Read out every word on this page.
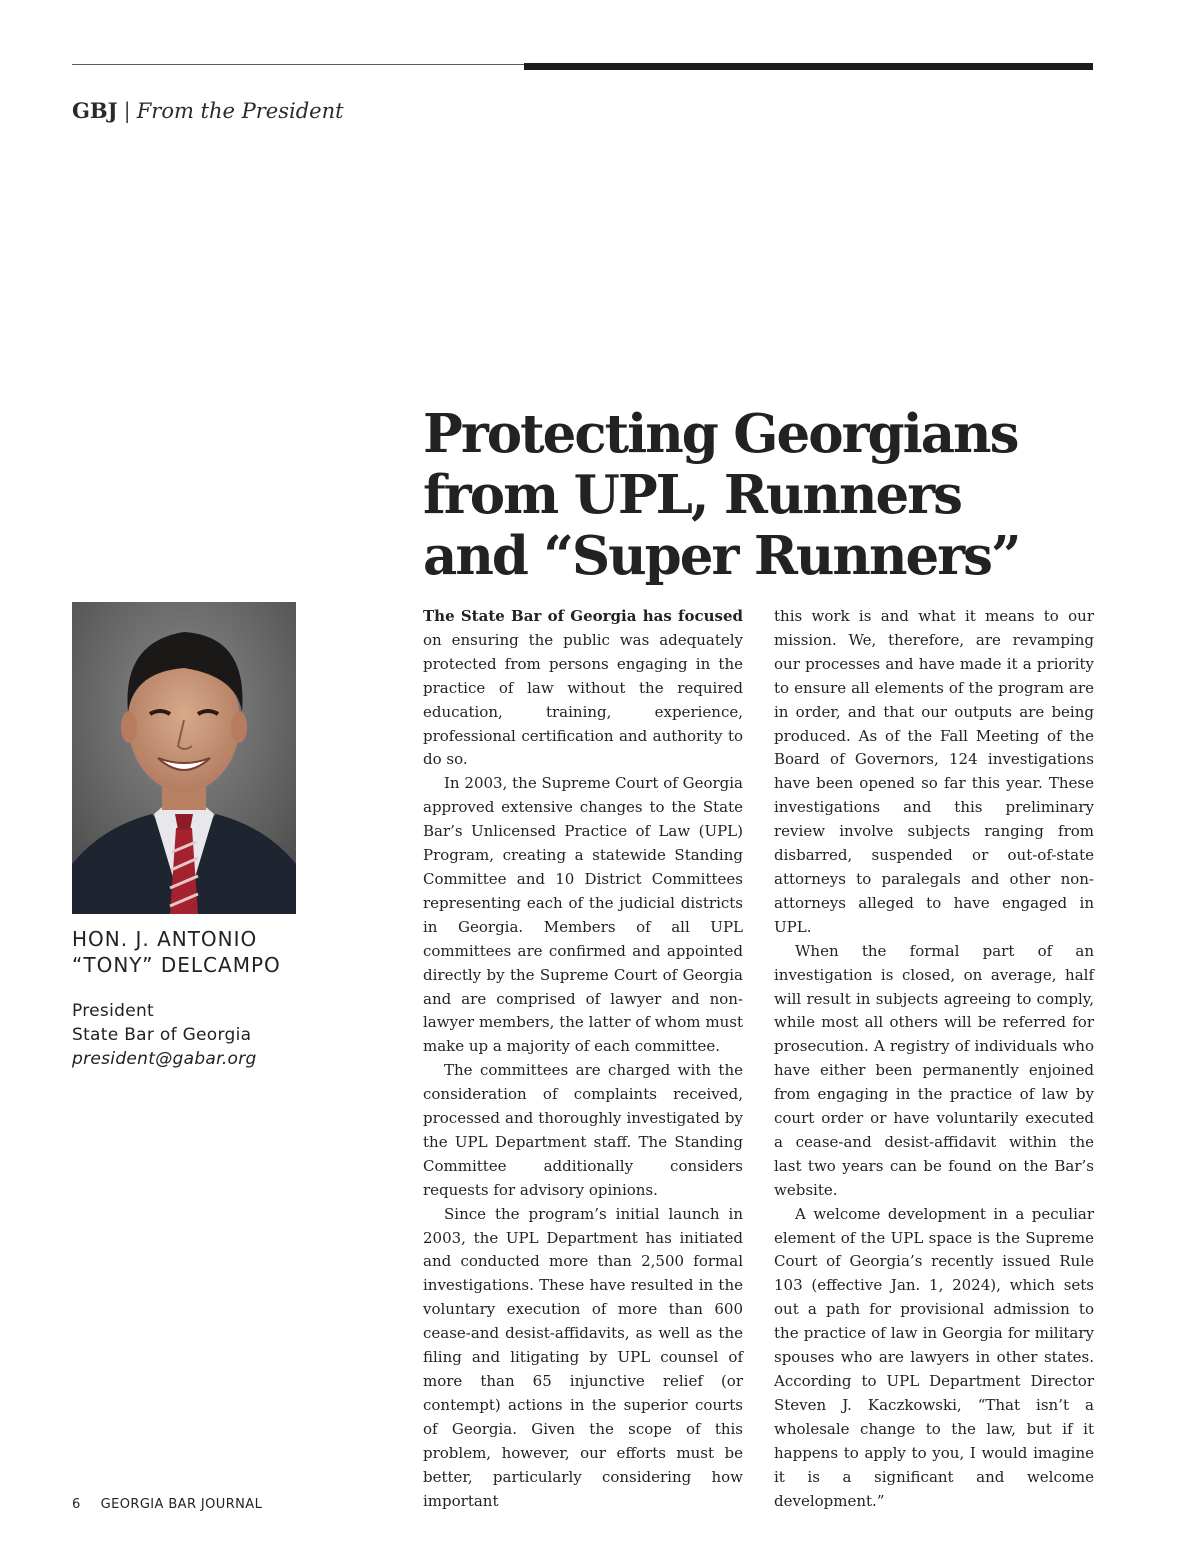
GBJ | From the President
Protecting Georgians
from UPL, Runners
and “Super Runners”
HON. J. ANTONIO
“TONY” DELCAMPO
President
State Bar of Georgia
president@gabar.org

The State Bar of Georgia has focused on ensuring the public was adequately protected from persons engaging in the practice of law without the required education, training, experience, professional certification and authority to do so.

In 2003, the Supreme Court of Georgia approved extensive changes to the State Bar’s Unlicensed Practice of Law (UPL) Program, creating a statewide Standing Committee and 10 District Committees representing each of the judicial districts in Georgia. Members of all UPL committees are confirmed and appointed directly by the Supreme Court of Georgia and are comprised of lawyer and non-lawyer members, the latter of whom must make up a majority of each committee.

The committees are charged with the consideration of complaints received, processed and thoroughly investigated by the UPL Department staff. The Standing Committee additionally considers requests for advisory opinions.

Since the program’s initial launch in 2003, the UPL Department has initiated and conducted more than 2,500 formal investigations. These have resulted in the voluntary execution of more than 600 cease-and desist-affidavits, as well as the filing and litigating by UPL counsel of more than 65 injunctive relief (or contempt) actions in the superior courts of Georgia. Given the scope of this problem, however, our efforts must be better, particularly considering how important

this work is and what it means to our mission. We, therefore, are revamping our processes and have made it a priority to ensure all elements of the program are in order, and that our outputs are being produced. As of the Fall Meeting of the Board of Governors, 124 investigations have been opened so far this year. These investigations and this preliminary review involve subjects ranging from disbarred, suspended or out-of-state attorneys to paralegals and other non-attorneys alleged to have engaged in UPL.

When the formal part of an investigation is closed, on average, half will result in subjects agreeing to comply, while most all others will be referred for prosecution. A registry of individuals who have either been permanently enjoined from engaging in the practice of law by court order or have voluntarily executed a cease-and desist-affidavit within the last two years can be found on the Bar’s website.

A welcome development in a peculiar element of the UPL space is the Supreme Court of Georgia’s recently issued Rule 103 (effective Jan. 1, 2024), which sets out a path for provisional admission to the practice of law in Georgia for military spouses who are lawyers in other states. According to UPL Department Director Steven J. Kaczkowski, “That isn’t a wholesale change to the law, but if it happens to apply to you, I would imagine it is a significant and welcome development.”

6 GEORGIA BAR JOURNAL
